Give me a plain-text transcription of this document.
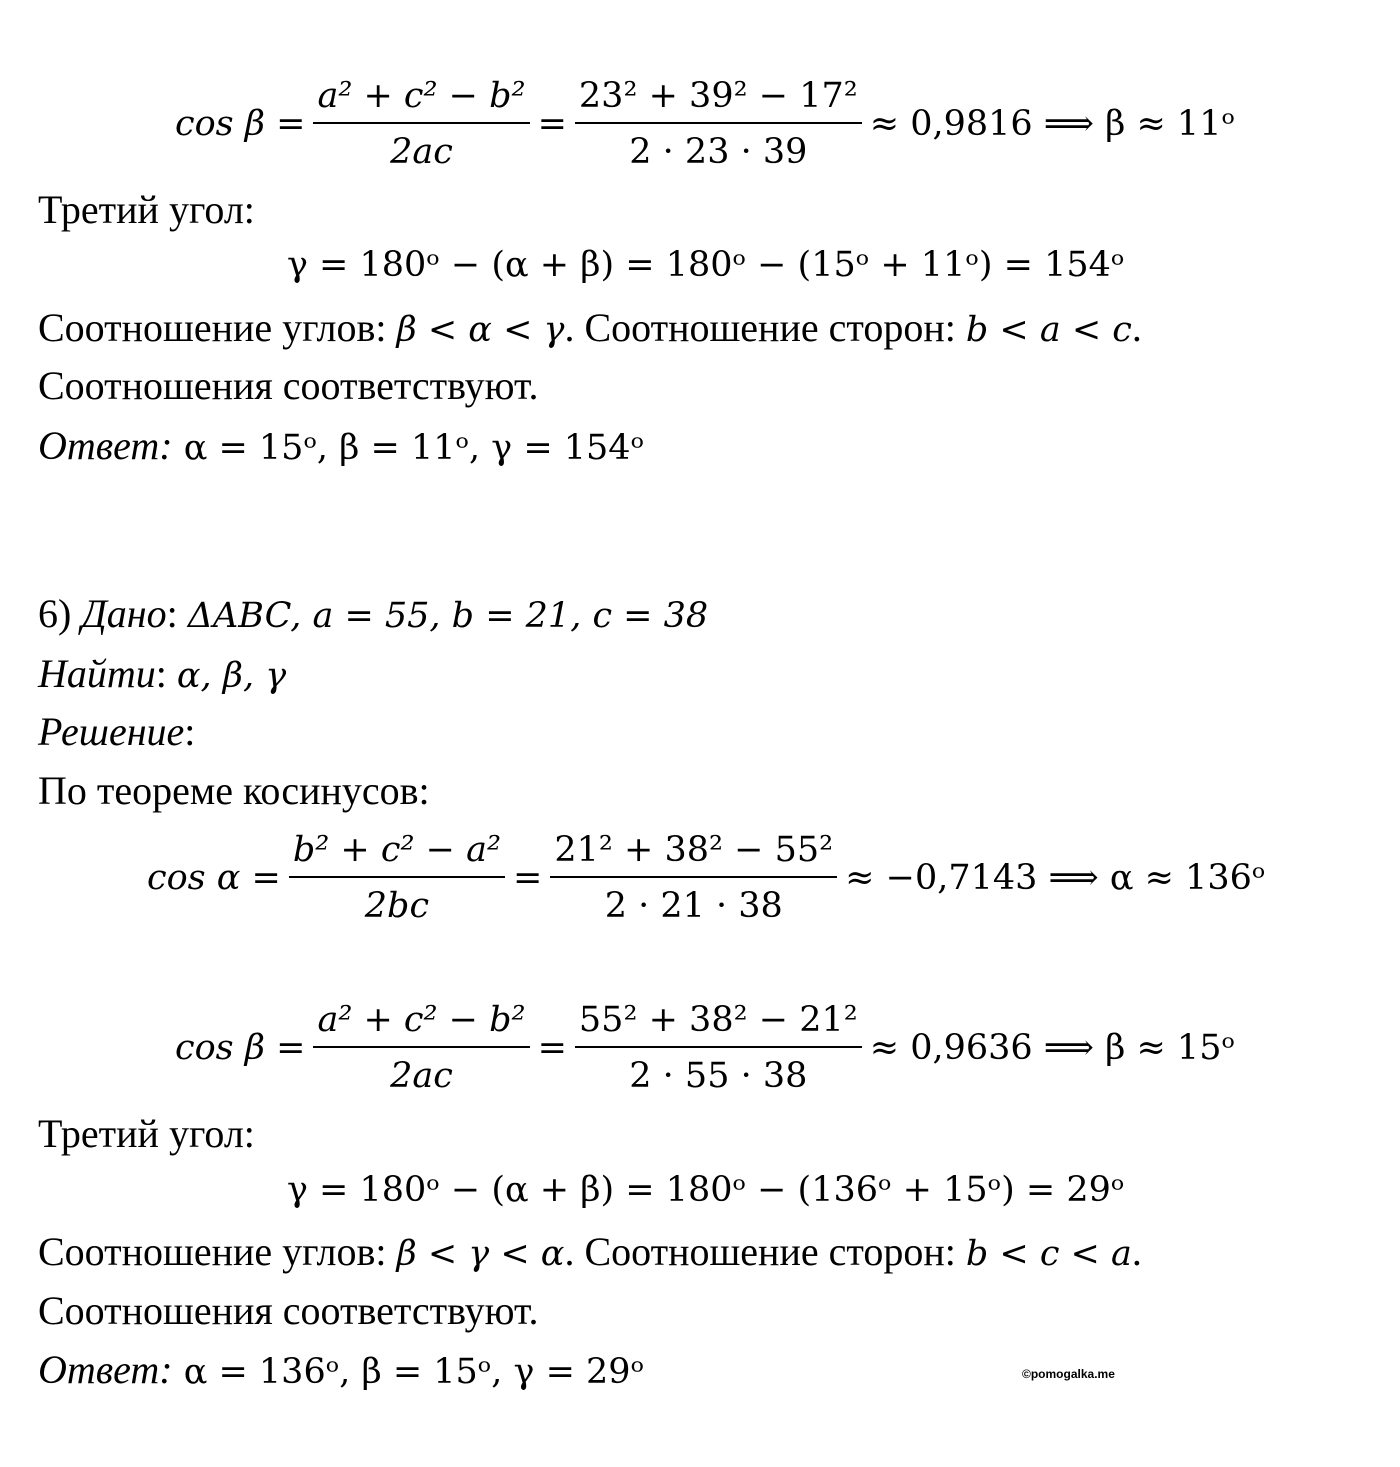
$\cos \beta = \frac{\text{a² + c² − b²}}{2ac} = \frac{\text{23² + 39² − 17²}}{2 \cdot 23 \cdot 39} \approx 0,9816$ ⟹ β ≈ 11ᵒ
Третий угол:
γ = 180ᵒ − (α + β) = 180ᵒ − (15ᵒ + 11ᵒ) = 154ᵒ
Соотношение углов: β < α < γ. Соотношение сторон: b < a < c.
Соотношения соответствуют.
Ответ: α = 15ᵒ, β = 11ᵒ, γ = 154ᵒ
6) Дано: ΔABC, a = 55, b = 21, c = 38
Найти: α, β, γ
Решение:
По теореме косинусов:
$\cos \alpha = \frac{\text{b² + c² − a²}}{2bc} = \frac{\text{21² + 38² − 55²}}{2 \cdot 21 \cdot 38} \approx -0,7143$ ⟹ α ≈ 136ᵒ
$\cos \beta = \frac{\text{a² + c² − b²}}{2ac} = \frac{\text{55² + 38² − 21²}}{2 \cdot 55 \cdot 38} \approx 0,9636$ ⟹ β ≈ 15ᵒ
Третий угол:
γ = 180ᵒ − (α + β) = 180ᵒ − (136ᵒ + 15ᵒ) = 29ᵒ
Соотношение углов: β < γ < α. Соотношение сторон: b < c < a.
Соотношения соответствуют.
Ответ: α = 136ᵒ, β = 15ᵒ, γ = 29ᵒ	©pomogalka.me
